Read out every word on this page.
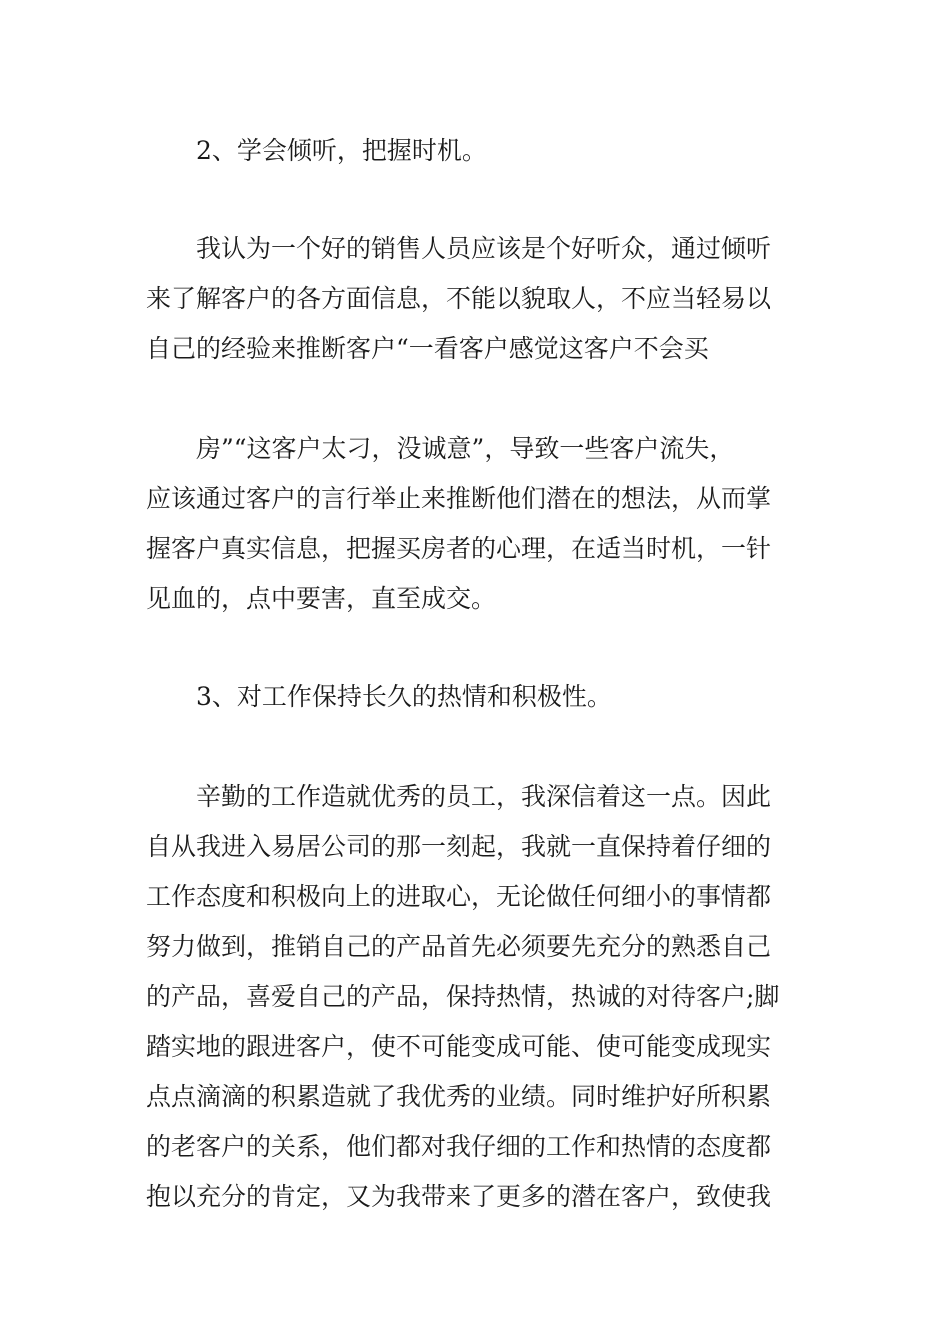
2、学会倾听，把握时机。
我认为一个好的销售人员应该是个好听众，通过倾听
来了解客户的各方面信息，不能以貌取人，不应当轻易以
自己的经验来推断客户“一看客户感觉这客户不会买
房”“这客户太刁，没诚意”，导致一些客户流失，
应该通过客户的言行举止来推断他们潜在的想法，从而掌
握客户真实信息，把握买房者的心理，在适当时机，一针
见血的，点中要害，直至成交。
3、对工作保持长久的热情和积极性。
辛勤的工作造就优秀的员工，我深信着这一点。因此
自从我进入易居公司的那一刻起，我就一直保持着仔细的
工作态度和积极向上的进取心，无论做任何细小的事情都
努力做到，推销自己的产品首先必须要先充分的熟悉自己
的产品，喜爱自己的产品，保持热情，热诚的对待客户;脚
踏实地的跟进客户，使不可能变成可能、使可能变成现实
点点滴滴的积累造就了我优秀的业绩。同时维护好所积累
的老客户的关系，他们都对我仔细的工作和热情的态度都
抱以充分的肯定，又为我带来了更多的潜在客户，致使我
